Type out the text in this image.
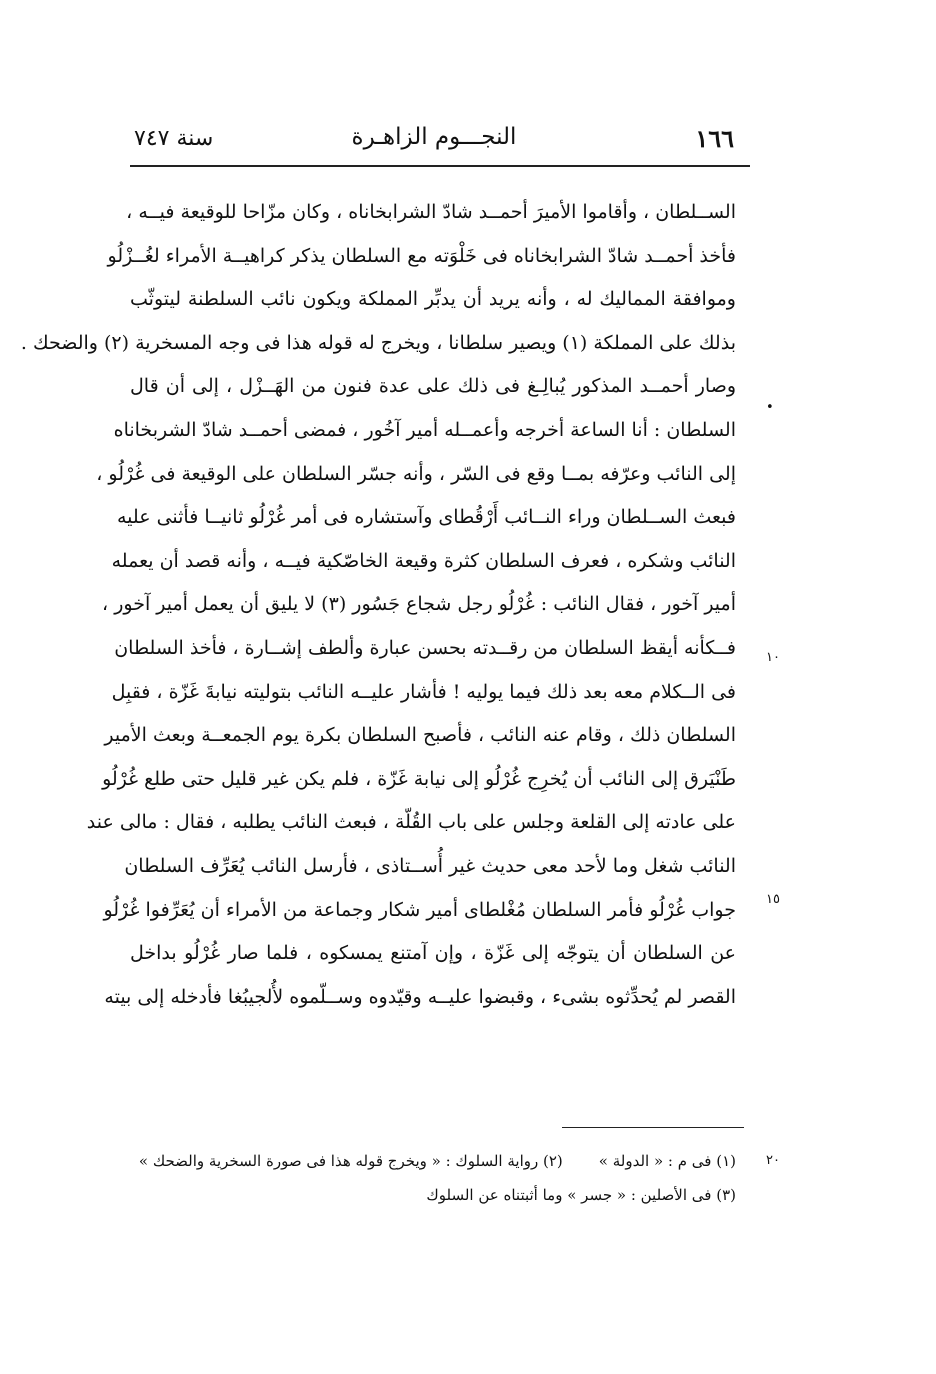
سنة ٧٤٧	النجـــوم الزاهـرة	١٦٦
الســلطان ، وأقاموا الأميرَ أحمــد شادّ الشرابخاناه ، وكان مزّاحا للوقيعة فيــه ،
فأخذ أحمــد شادّ الشرابخاناه فى خَلْوَته مع السلطان يذكر كراهيــة الأمراء لغُــزْلُو
وموافقة المماليك له ، وأنه يريد أن يدبِّر المملكة ويكون نائب السلطنة ليتوثّب
بذلك على المملكة (١) ويصير سلطانا ، ويخرج له قوله هذا فى وجه المسخرية (٢) والضحك .
وصار أحمــد المذكور يُبالِـغ فى ذلك على عدة فنون من الهَــزْل ، إلى أن قال
السلطان : أنا الساعة أخرجه وأعمــله أمير آخُور ، فمضى أحمــد شادّ الشربخاناه
إلى النائب وعرّفه بمــا وقع فى السّر ، وأنه جسّر السلطان على الوقيعة فى غُرْلُو ،
فبعث الســلطان وراء النــائب أَرْقُطاى وآستشاره فى أمر غُرْلُو ثانيــا فأثنى عليه
النائب وشكره ، فعرف السلطان كثرة وقيعة الخاصّكية فيــه ، وأنه قصد أن يعمله
أمير آخور ، فقال النائب : غُرْلُو رجل شجاع جَسُور (٣) لا يليق أن يعمل أمير آخور ،
فــكأنه أيقظ السلطان من رقــدته بحسن عبارة وألطف إشــارة ، فأخذ السلطان
فى الــكلام معه بعد ذلك فيما يوليه ! فأشار عليــه النائب بتوليته نيابةَ غَزّة ، فقبِل
السلطان ذلك ، وقام عنه النائب ، فأصبح السلطان بكرة يوم الجمعــة وبعث الأمير
طَنْيَرق إلى النائب أن يُخرِج غُرْلُو إلى نيابة غَزّة ، فلم يكن غير قليل حتى طلع غُرْلُو
على عادته إلى القلعة وجلس على باب القُلّة ، فبعث النائب يطلبه ، فقال : مالى عند
النائب شغل وما لأحد معى حديث غير أُســتاذى ، فأرسل النائب يُعَرِّف السلطان
جواب غُرْلُو فأمر السلطان مُغْلطاى أمير شكار وجماعة من الأمراء أن يُعَرِّفوا غُرْلُو
عن السلطان أن يتوجّه إلى غَزّة ، وإن آمتنع يمسكوه ، فلما صار غُرْلُو بداخل
القصر لم يُحدِّثوه بشىء ، وقبضوا عليــه وقيّدوه وســلّموه لأُلجيبُغا فأدخله إلى بيته
•
١٠
١٥
٢٠
(١) فى م : « الدولة »(٢) رواية السلوك : « ويخرج قوله هذا فى صورة السخرية والضحك »
(٣) فى الأصلين : « جسر » وما أثبتناه عن السلوك
